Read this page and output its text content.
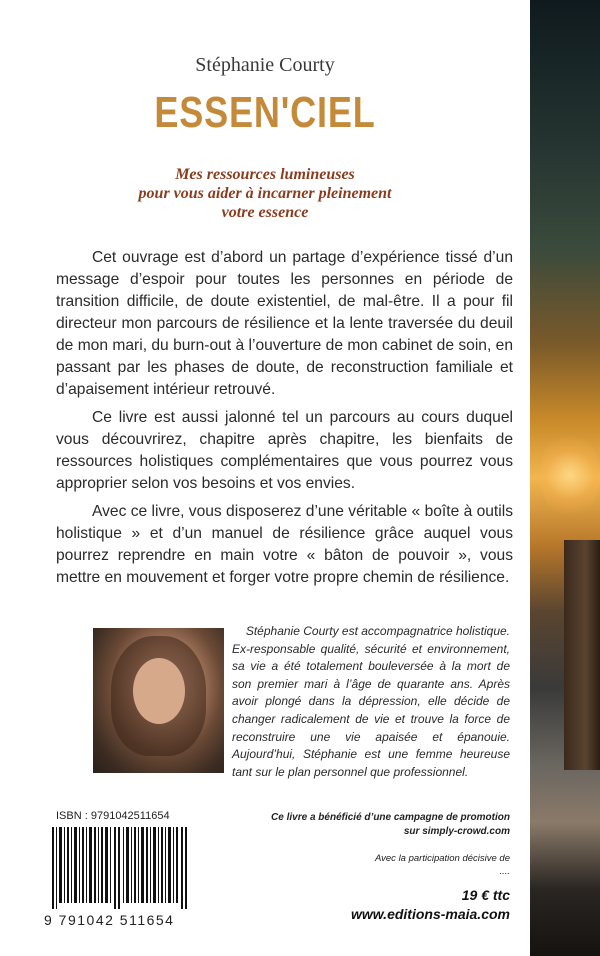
Stéphanie Courty
ESSEN'CIEL
Mes ressources lumineuses
pour vous aider à incarner pleinement
votre essence

Cet ouvrage est d’abord un partage d’expérience tissé d’un message d’espoir pour toutes les personnes en période de transition difficile, de doute existentiel, de mal-être. Il a pour fil directeur mon parcours de résilience et la lente traversée du deuil de mon mari, du burn-out à l’ouverture de mon cabinet de soin, en passant par les phases de doute, de reconstruction familiale et d’apaisement intérieur retrouvé.

Ce livre est aussi jalonné tel un parcours au cours duquel vous découvrirez, chapitre après chapitre, les bienfaits de ressources holistiques complémentaires que vous pourrez vous approprier selon vos besoins et vos envies.

Avec ce livre, vous disposerez d’une véritable « boîte à outils holistique » et d’un manuel de résilience grâce auquel vous pourrez reprendre en main votre « bâton de pouvoir », vous mettre en mouvement et forger votre propre chemin de résilience.

Stéphanie Courty est accompagnatrice holistique.
Ex-responsable qualité, sécurité et environnement, sa vie a été totalement bouleversée à la mort de son premier mari à l’âge de quarante ans. Après avoir plongé dans la dépression, elle décide de changer radicalement de vie et trouve la force de reconstruire une vie apaisée et épanouie. Aujourd’hui, Stéphanie est une femme heureuse tant sur le plan personnel que professionnel.
ISBN : 9791042511654
9 791042 511654
Ce livre a bénéficié d’une campagne de promotion
sur simply-crowd.com
Avec la participation décisive de
....
19 € ttc
www.editions-maia.com
